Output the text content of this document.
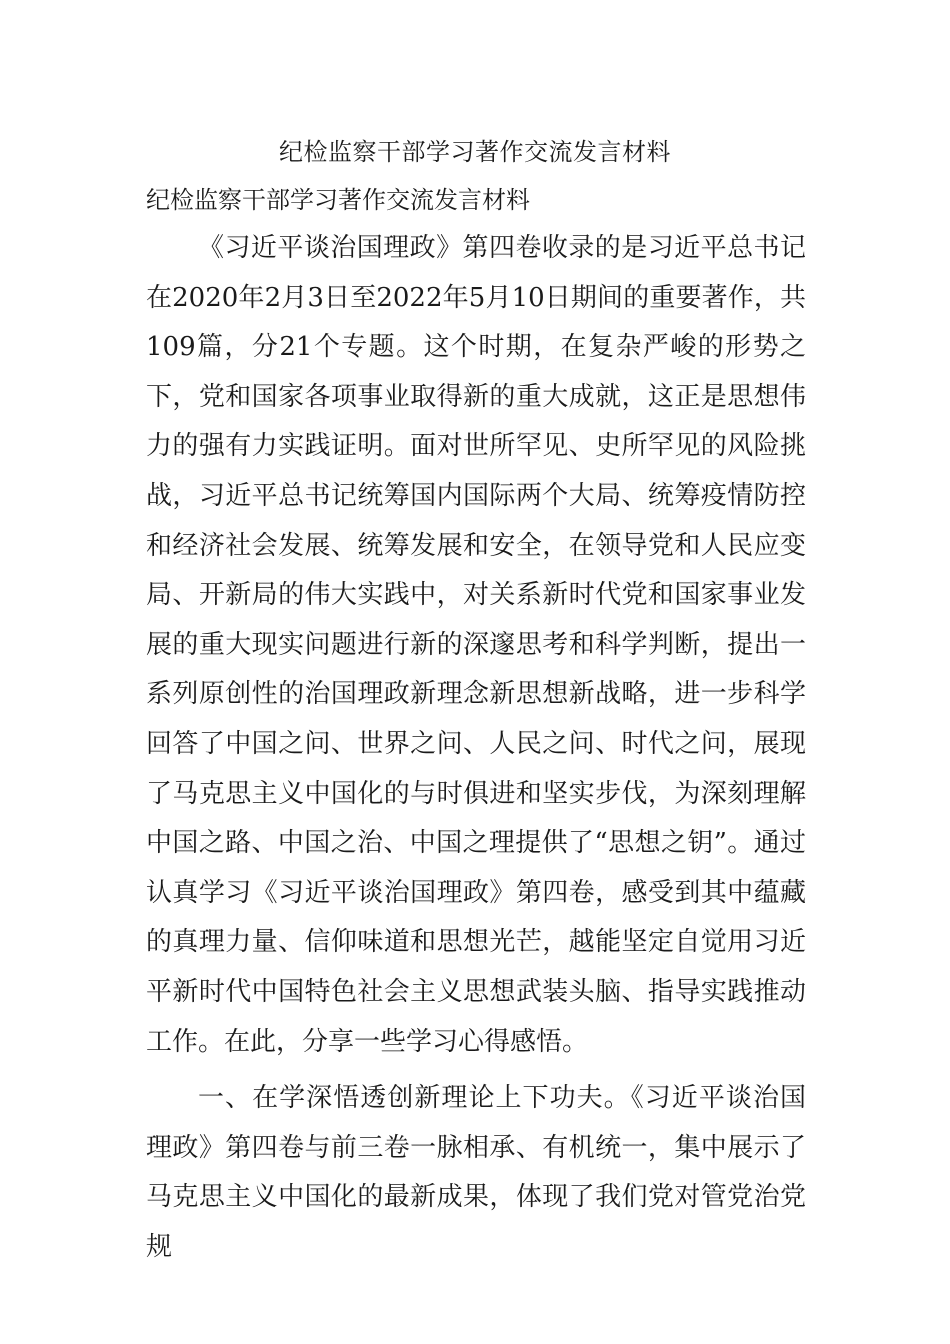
纪检监察干部学习著作交流发言材料
纪检监察干部学习著作交流发言材料

《习近平谈治国理政》第四卷收录的是习近平总书记在2020年2月3日至2022年5月10日期间的重要著作，共109篇，分21个专题。这个时期，在复杂严峻的形势之下，党和国家各项事业取得新的重大成就，这正是思想伟力的强有力实践证明。面对世所罕见、史所罕见的风险挑战，习近平总书记统筹国内国际两个大局、统筹疫情防控和经济社会发展、统筹发展和安全，在领导党和人民应变局、开新局的伟大实践中，对关系新时代党和国家事业发展的重大现实问题进行新的深邃思考和科学判断，提出一系列原创性的治国理政新理念新思想新战略，进一步科学回答了中国之问、世界之问、人民之问、时代之问，展现了马克思主义中国化的与时俱进和坚实步伐，为深刻理解中国之路、中国之治、中国之理提供了“思想之钥”。通过认真学习《习近平谈治国理政》第四卷，感受到其中蕴藏的真理力量、信仰味道和思想光芒，越能坚定自觉用习近平新时代中国特色社会主义思想武装头脑、指导实践推动工作。在此，分享一些学习心得感悟。

一、在学深悟透创新理论上下功夫。《习近平谈治国理政》第四卷与前三卷一脉相承、有机统一，集中展示了马克思主义中国化的最新成果，体现了我们党对管党治党规
